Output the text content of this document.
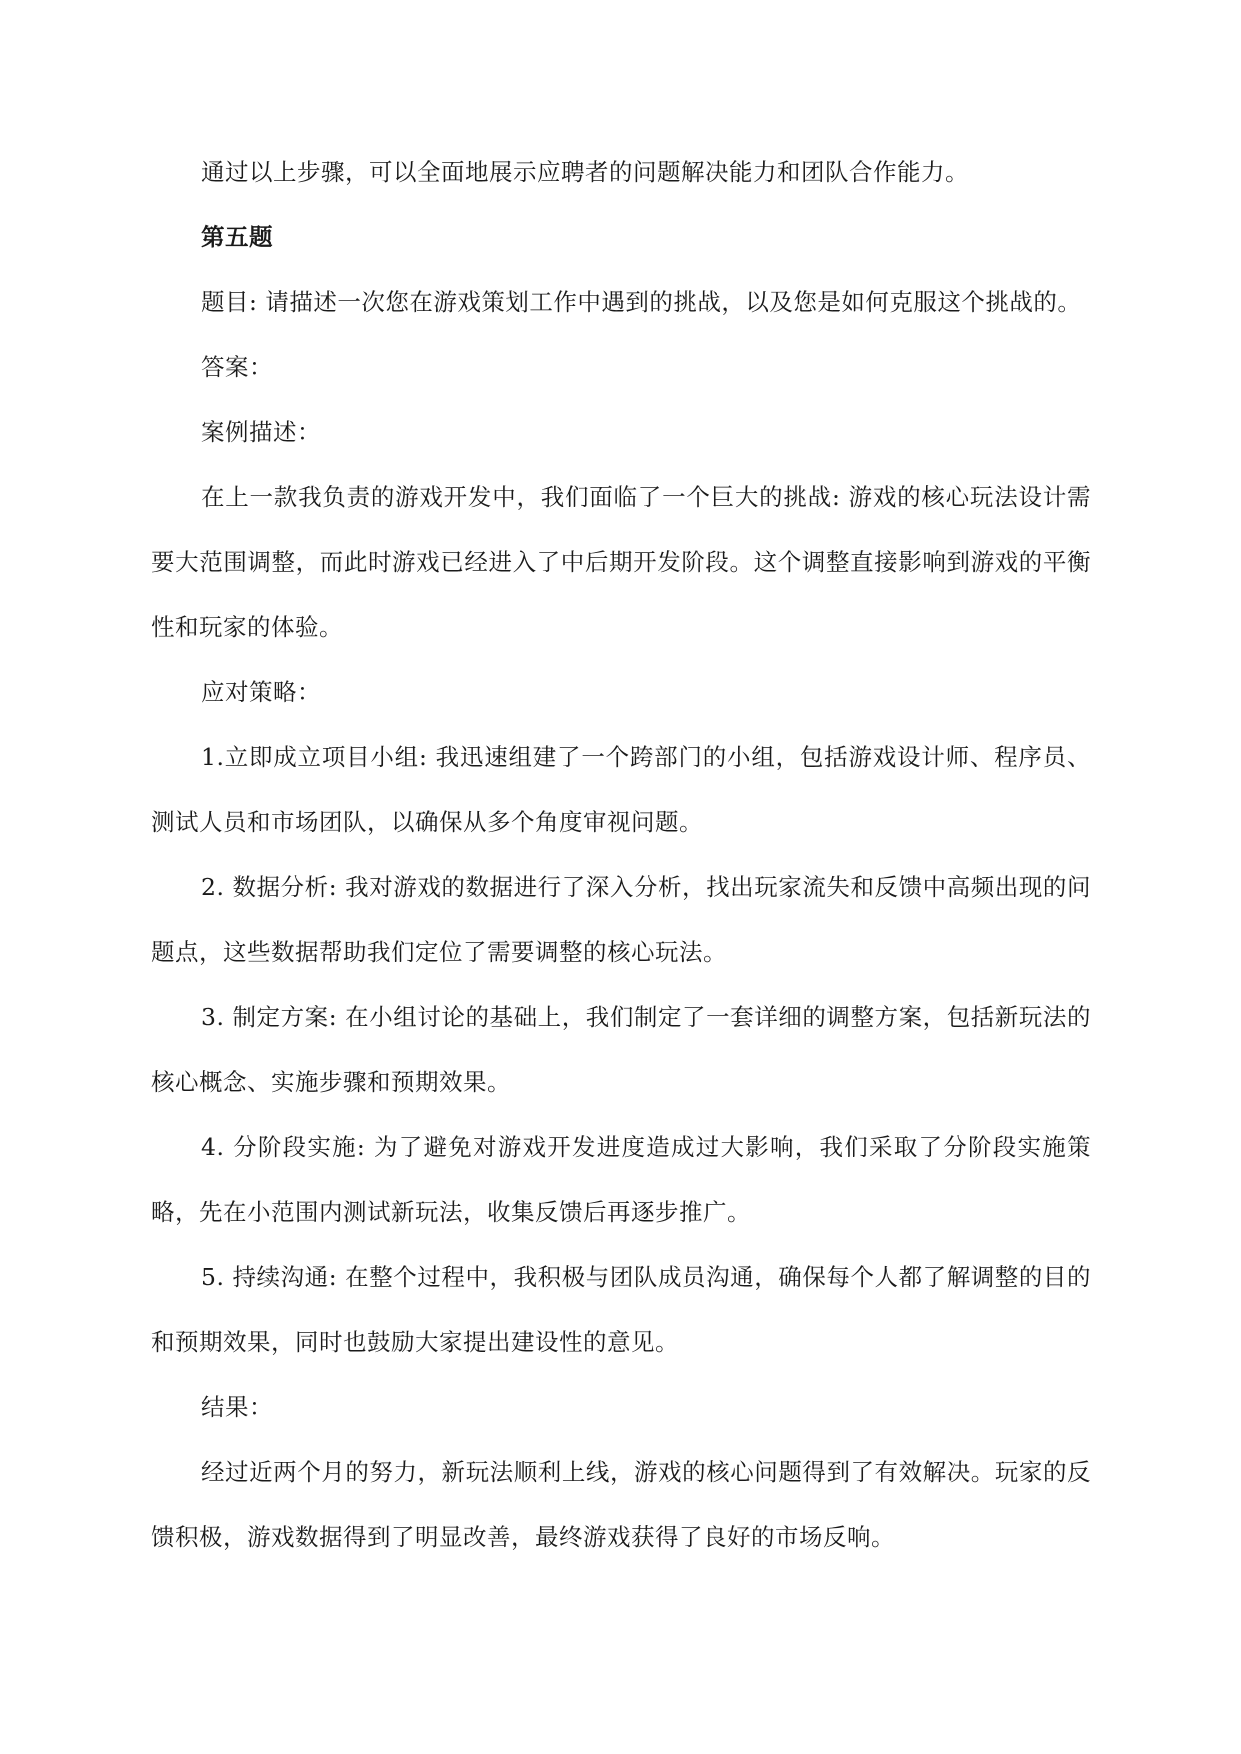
通过以上步骤，可以全面地展示应聘者的问题解决能力和团队合作能力。

第五题

题目: 请描述一次您在游戏策划工作中遇到的挑战，以及您是如何克服这个挑战的。

答案：

案例描述：

在上一款我负责的游戏开发中，我们面临了一个巨大的挑战: 游戏的核心玩法设计需要大范围调整，而此时游戏已经进入了中后期开发阶段。这个调整直接影响到游戏的平衡性和玩家的体验。

应对策略：

1.立即成立项目小组: 我迅速组建了一个跨部门的小组，包括游戏设计师、程序员、测试人员和市场团队，以确保从多个角度审视问题。

2. 数据分析: 我对游戏的数据进行了深入分析，找出玩家流失和反馈中高频出现的问题点，这些数据帮助我们定位了需要调整的核心玩法。

3. 制定方案: 在小组讨论的基础上，我们制定了一套详细的调整方案，包括新玩法的核心概念、实施步骤和预期效果。

4. 分阶段实施: 为了避免对游戏开发进度造成过大影响，我们采取了分阶段实施策略，先在小范围内测试新玩法，收集反馈后再逐步推广。

5. 持续沟通: 在整个过程中，我积极与团队成员沟通，确保每个人都了解调整的目的和预期效果，同时也鼓励大家提出建设性的意见。

结果：

经过近两个月的努力，新玩法顺利上线，游戏的核心问题得到了有效解决。玩家的反馈积极，游戏数据得到了明显改善，最终游戏获得了良好的市场反响。
